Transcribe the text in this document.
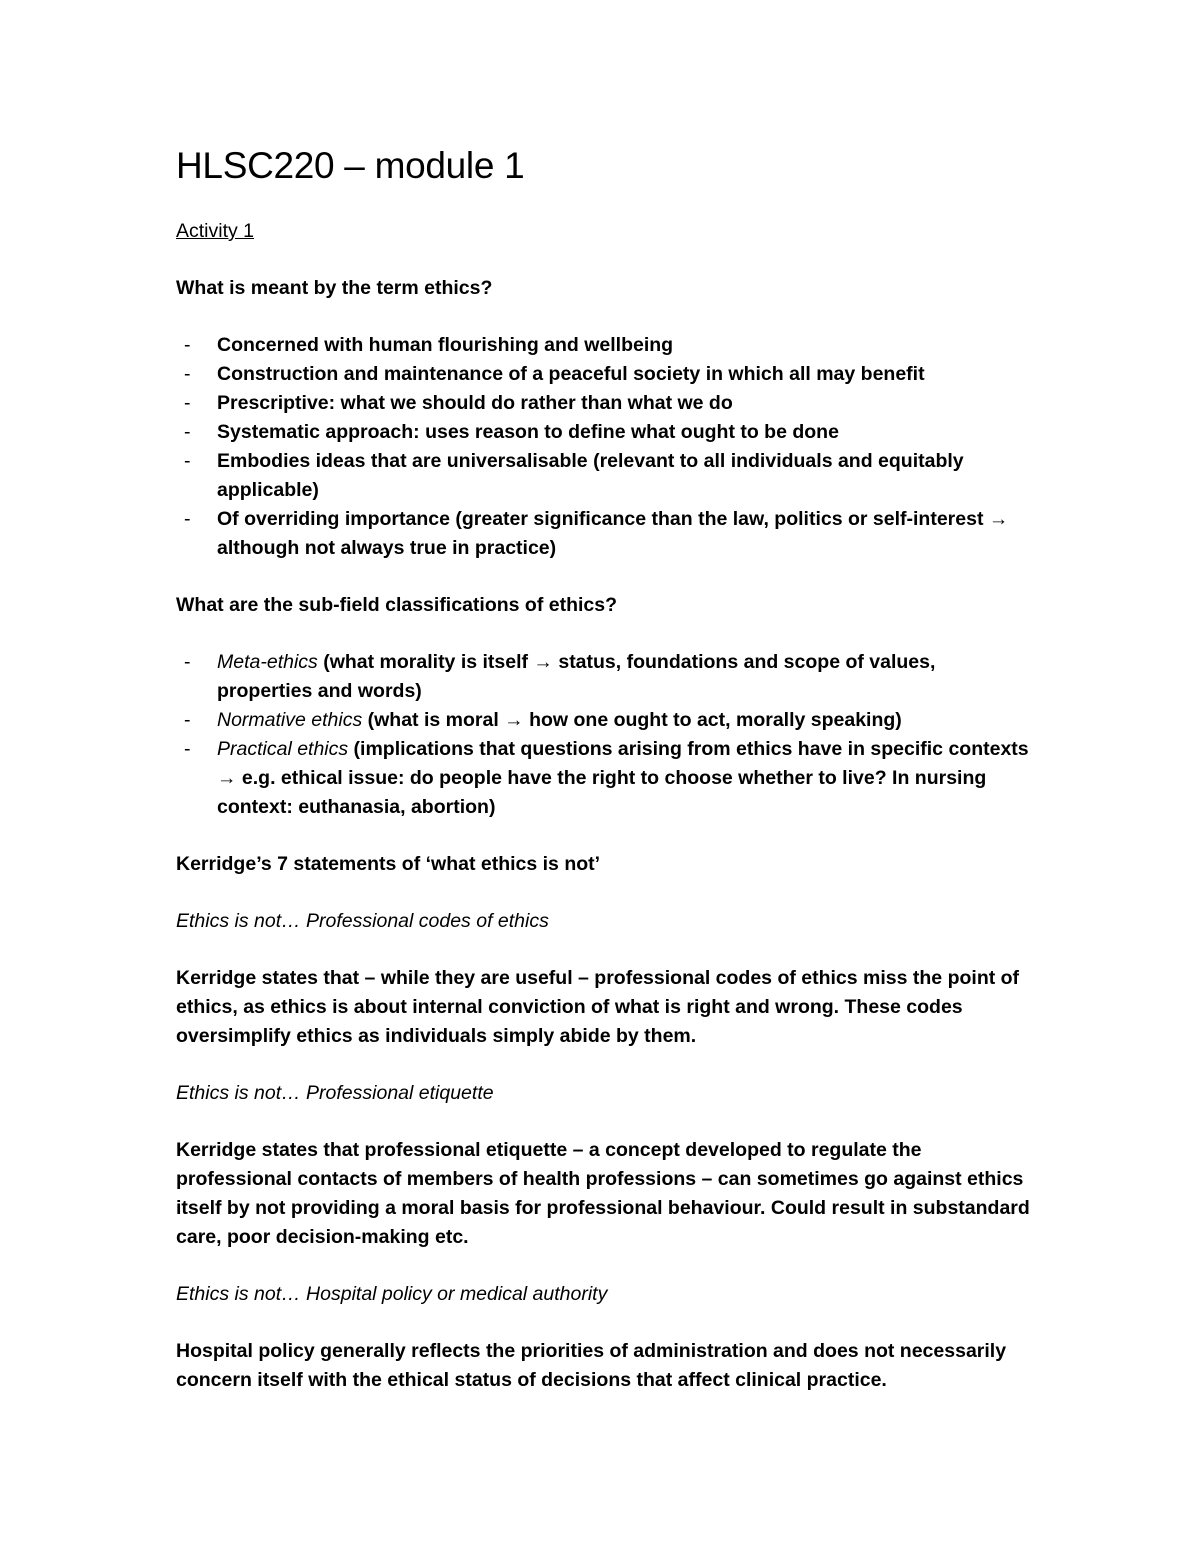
HLSC220 – module 1
Activity 1
What is meant by the term ethics?
- Concerned with human flourishing and wellbeing
- Construction and maintenance of a peaceful society in which all may benefit
- Prescriptive: what we should do rather than what we do
- Systematic approach: uses reason to define what ought to be done
- Embodies ideas that are universalisable (relevant to all individuals and equitably applicable)
- Of overriding importance (greater significance than the law, politics or self-interest → although not always true in practice)
What are the sub-field classifications of ethics?
- Meta-ethics (what morality is itself → status, foundations and scope of values, properties and words)
- Normative ethics (what is moral → how one ought to act, morally speaking)
- Practical ethics (implications that questions arising from ethics have in specific contexts → e.g. ethical issue: do people have the right to choose whether to live? In nursing context: euthanasia, abortion)
Kerridge’s 7 statements of ‘what ethics is not’
Ethics is not… Professional codes of ethics
Kerridge states that – while they are useful – professional codes of ethics miss the point of ethics, as ethics is about internal conviction of what is right and wrong. These codes oversimplify ethics as individuals simply abide by them.
Ethics is not… Professional etiquette
Kerridge states that professional etiquette – a concept developed to regulate the professional contacts of members of health professions – can sometimes go against ethics itself by not providing a moral basis for professional behaviour. Could result in substandard care, poor decision-making etc.
Ethics is not… Hospital policy or medical authority
Hospital policy generally reflects the priorities of administration and does not necessarily concern itself with the ethical status of decisions that affect clinical practice.
